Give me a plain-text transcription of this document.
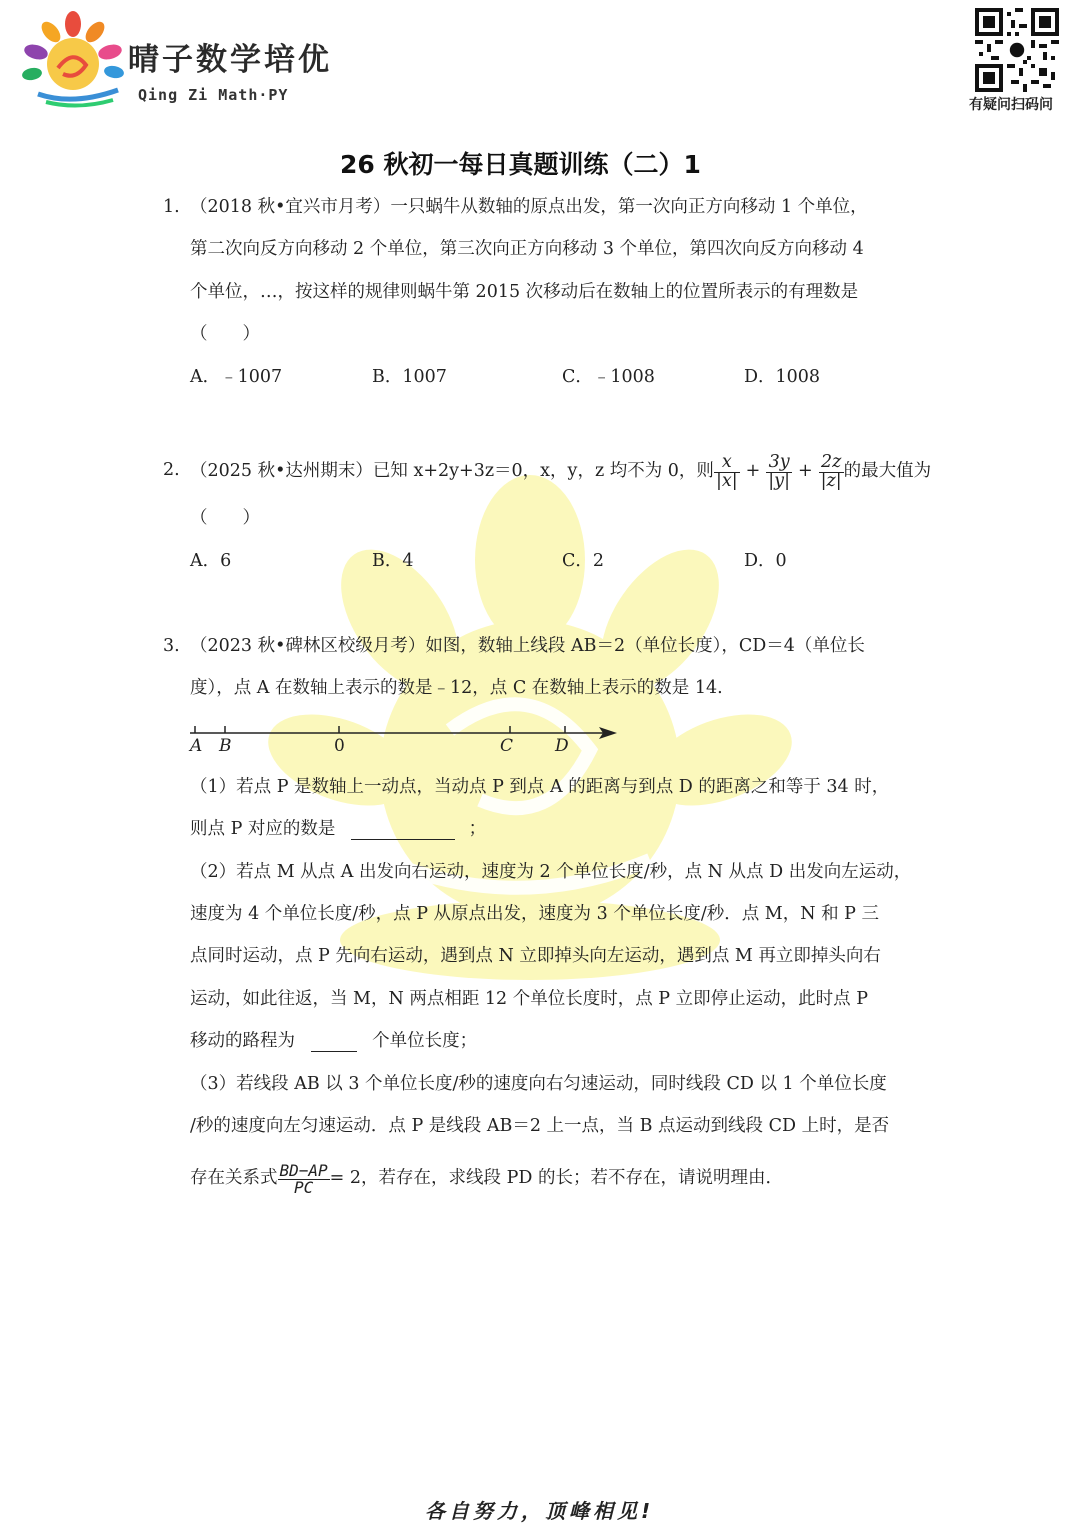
晴子数学培优
Qing Zi Math·PY
有疑问扫码问
26 秋初一每日真题训练（二）1
1. （2018 秋•宜兴市月考）一只蜗牛从数轴的原点出发，第一次向正方向移动 1 个单位，
第二次向反方向移动 2 个单位，第三次向正方向移动 3 个单位，第四次向反方向移动 4
个单位，…，按这样的规律则蜗牛第 2015 次移动后在数轴上的位置所表示的有理数是
（　　）
A．﹣1007	B．1007	C．﹣1008	D．1008
2. （2025 秋•达州期末）已知 x+2y+3z＝0，x，y，z 均不为 0，则 $\frac{x}{|x|} + \frac{3y}{|y|} + \frac{2z}{|z|}$ 的最大值为
（　　）
A．6	B．4	C．2	D．0
3. （2023 秋•碑林区校级月考）如图，数轴上线段 AB＝2（单位长度），CD＝4（单位长
度），点 A 在数轴上表示的数是﹣12，点 C 在数轴上表示的数是 14.
A B	0	C D
（1）若点 P 是数轴上一动点，当动点 P 到点 A 的距离与到点 D 的距离之和等于 34 时，
则点 P 对应的数是	；
（2）若点 M 从点 A 出发向右运动，速度为 2 个单位长度/秒，点 N 从点 D 出发向左运动，
速度为 4 个单位长度/秒，点 P 从原点出发，速度为 3 个单位长度/秒．点 M，N 和 P 三
点同时运动，点 P 先向右运动，遇到点 N 立即掉头向左运动，遇到点 M 再立即掉头向右
运动，如此往返，当 M，N 两点相距 12 个单位长度时，点 P 立即停止运动，此时点 P
移动的路程为	个单位长度；
（3）若线段 AB 以 3 个单位长度/秒的速度向右匀速运动，同时线段 CD 以 1 个单位长度
/秒的速度向左匀速运动．点 P 是线段 AB＝2 上一点，当 B 点运动到线段 CD 上时，是否
存在关系式 $\frac{BD-AP}{PC} = 2$，若存在，求线段 PD 的长；若不存在，请说明理由．
各自努力，顶峰相见!
